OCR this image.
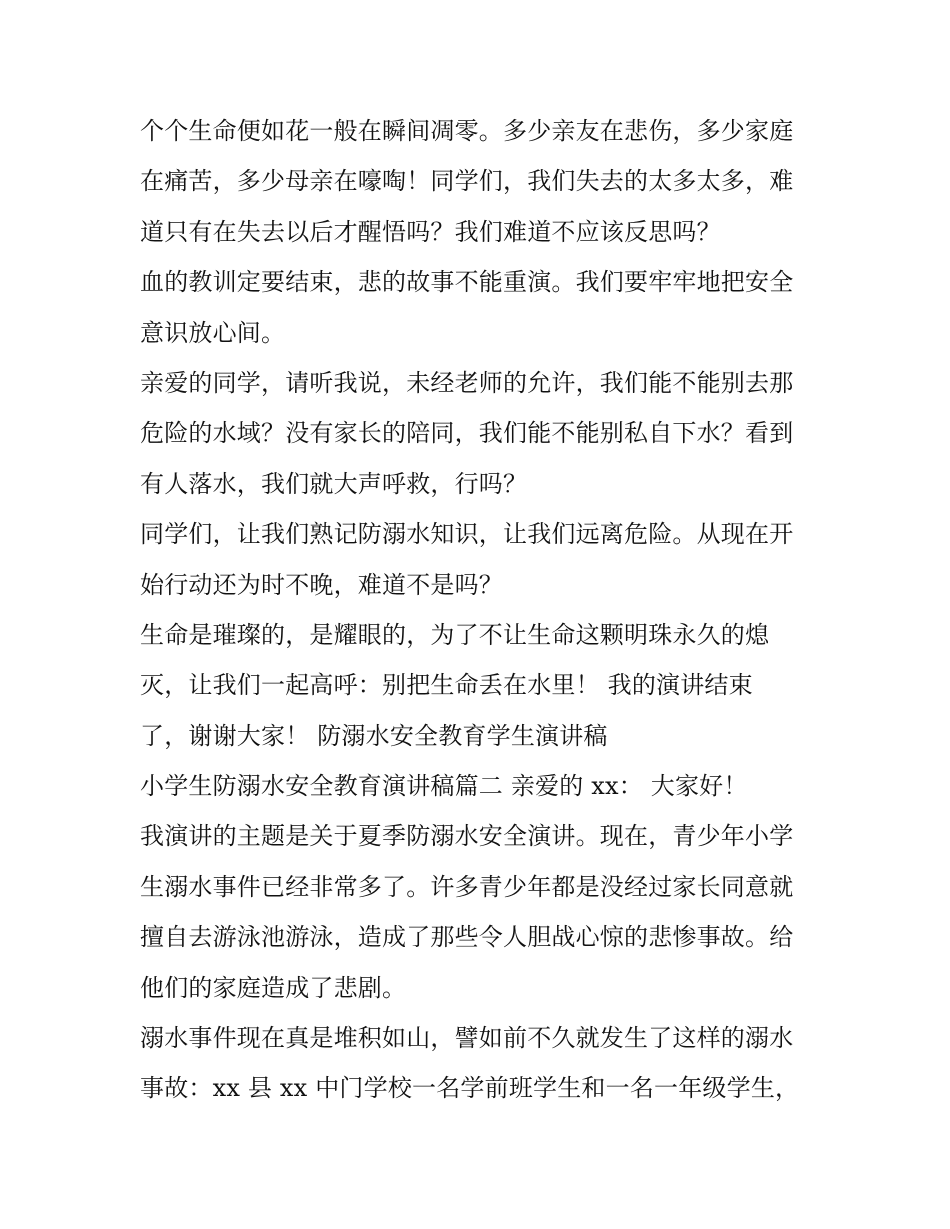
个个生命便如花一般在瞬间凋零。多少亲友在悲伤，多少家庭
在痛苦，多少母亲在嚎啕！同学们，我们失去的太多太多，难
道只有在失去以后才醒悟吗？我们难道不应该反思吗？
血的教训定要结束，悲的故事不能重演。我们要牢牢地把安全
意识放心间。
亲爱的同学，请听我说，未经老师的允许，我们能不能别去那
危险的水域？没有家长的陪同，我们能不能别私自下水？看到
有人落水，我们就大声呼救，行吗？
同学们，让我们熟记防溺水知识，让我们远离危险。从现在开
始行动还为时不晚，难道不是吗？
生命是璀璨的，是耀眼的，为了不让生命这颗明珠永久的熄
灭，让我们一起高呼：别把生命丢在水里！ 我的演讲结束
了，谢谢大家！ 防溺水安全教育学生演讲稿
小学生防溺水安全教育演讲稿篇二 亲爱的 xx： 大家好！
我演讲的主题是关于夏季防溺水安全演讲。现在，青少年小学
生溺水事件已经非常多了。许多青少年都是没经过家长同意就
擅自去游泳池游泳，造成了那些令人胆战心惊的悲惨事故。给
他们的家庭造成了悲剧。
溺水事件现在真是堆积如山，譬如前不久就发生了这样的溺水
事故：xx 县 xx 中门学校一名学前班学生和一名一年级学生，
